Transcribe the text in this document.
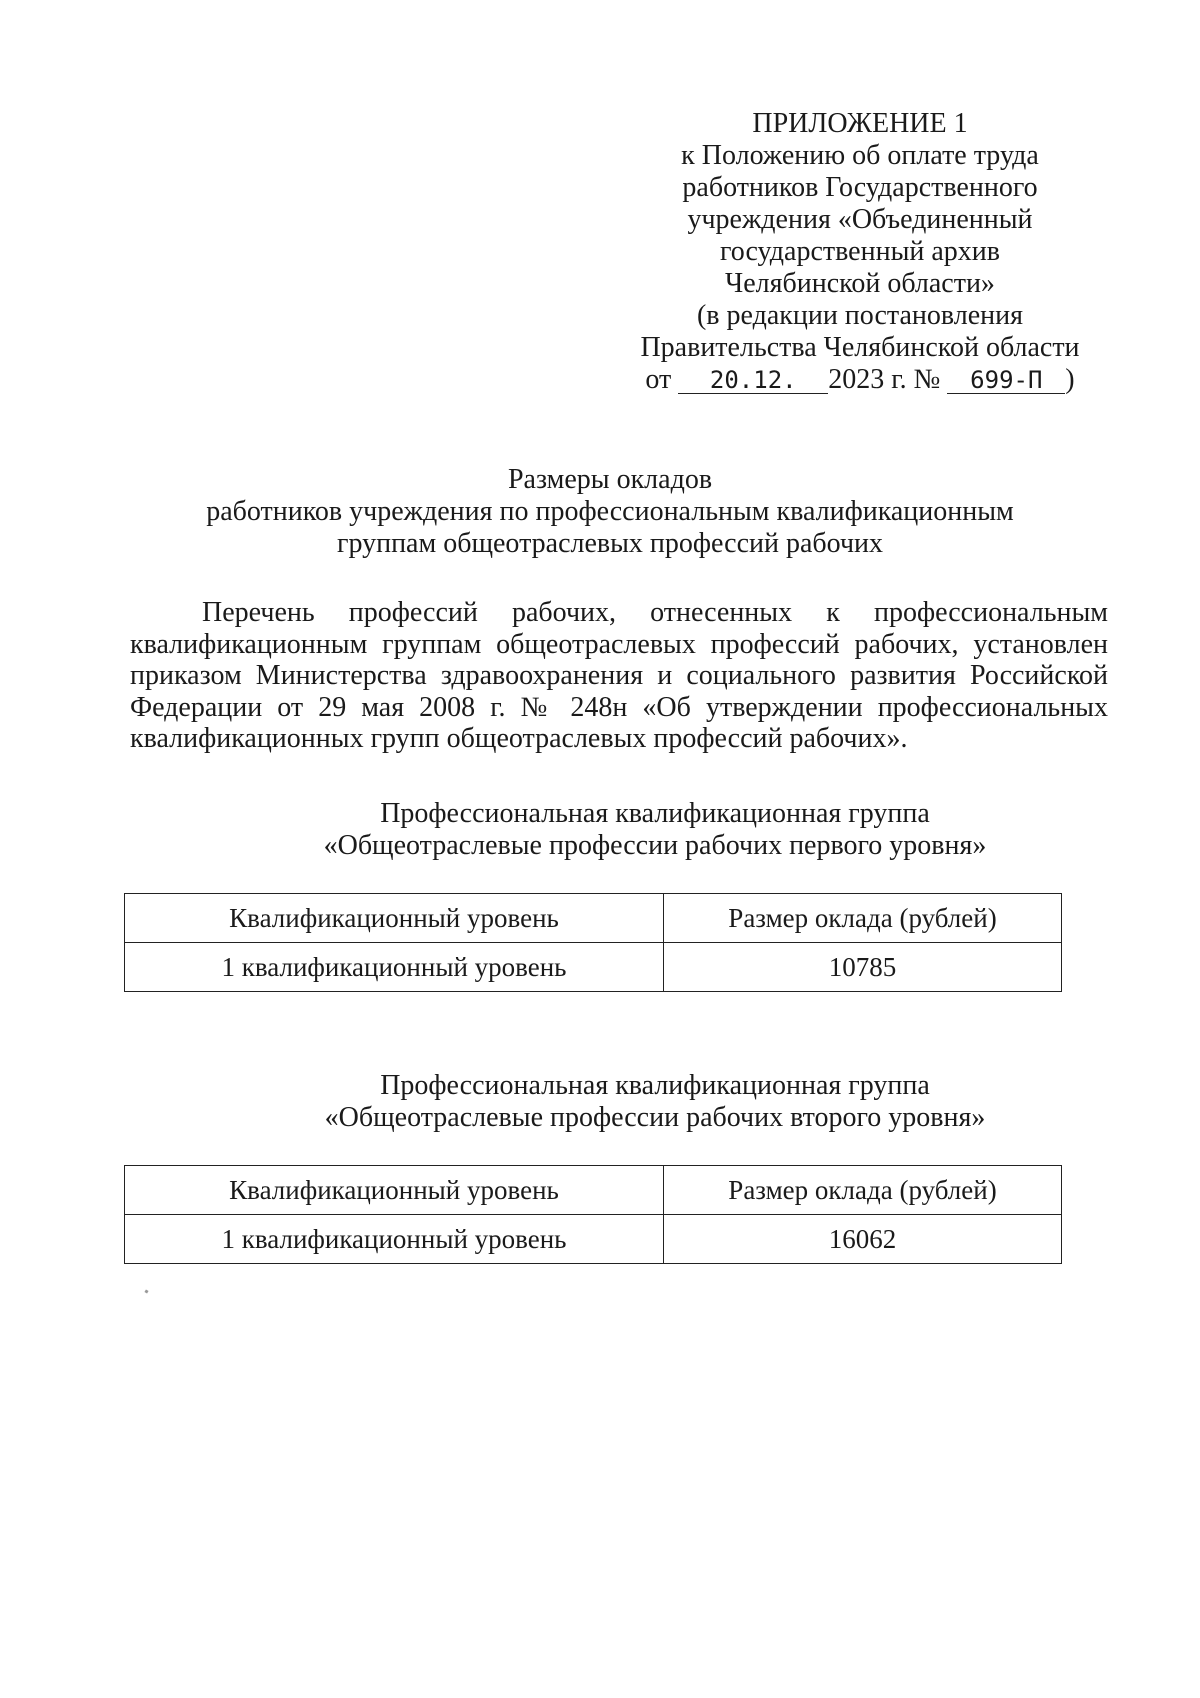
ПРИЛОЖЕНИЕ 1
к Положению об оплате труда
работников Государственного
учреждения «Объединенный
государственный архив
Челябинской области»
(в редакции постановления
Правительства Челябинской области
от 20.12. 2023 г. № 699-П )
Размеры окладов
работников учреждения по профессиональным квалификационным
группам общеотраслевых профессий рабочих
Перечень профессий рабочих, отнесенных к профессиональным квалификационным группам общеотраслевых профессий рабочих, установлен приказом Министерства здравоохранения и социального развития Российской Федерации от 29 мая 2008 г. № 248н «Об утверждении профессиональных квалификационных групп общеотраслевых профессий рабочих».
Профессиональная квалификационная группа
«Общеотраслевые профессии рабочих первого уровня»
Квалификационный уровень	Размер оклада (рублей)
1 квалификационный уровень	10785
Профессиональная квалификационная группа
«Общеотраслевые профессии рабочих второго уровня»
Квалификационный уровень	Размер оклада (рублей)
1 квалификационный уровень	16062
